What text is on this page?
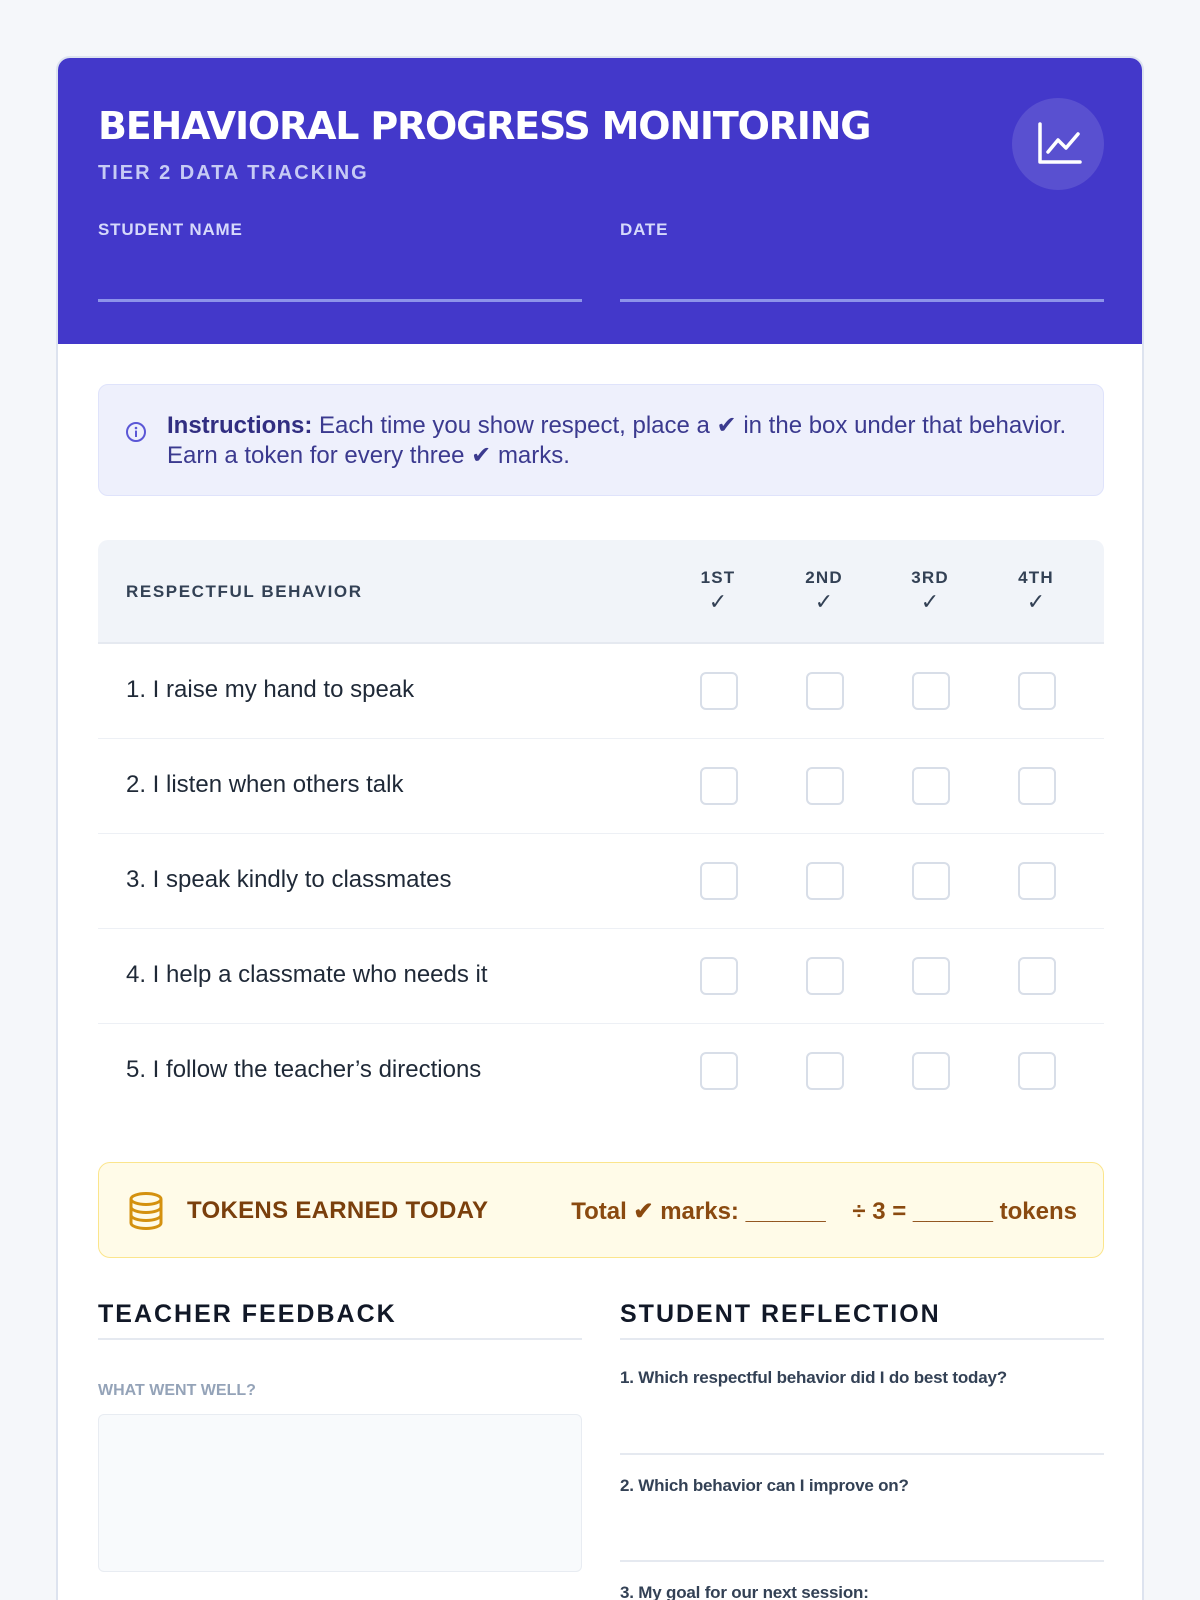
BEHAVIORAL PROGRESS MONITORING
TIER 2 DATA TRACKING
STUDENT NAME	DATE

Instructions: Each time you show respect, place a ✔ in the box under that behavior. Earn a token for every three ✔ marks.

RESPECTFUL BEHAVIOR
1ST
✓
2ND
✓
3RD
✓
4TH
✓
1. I raise my hand to speak
2. I listen when others talk
3. I speak kindly to classmates
4. I help a classmate who needs it
5. I follow the teacher’s directions
TOKENS EARNED TODAY	Total ✔ marks: ______    ÷ 3 = ______ tokens
TEACHER FEEDBACK
WHAT WENT WELL?
STUDENT REFLECTION
1. Which respectful behavior did I do best today?
2. Which behavior can I improve on?
3. My goal for our next session:
